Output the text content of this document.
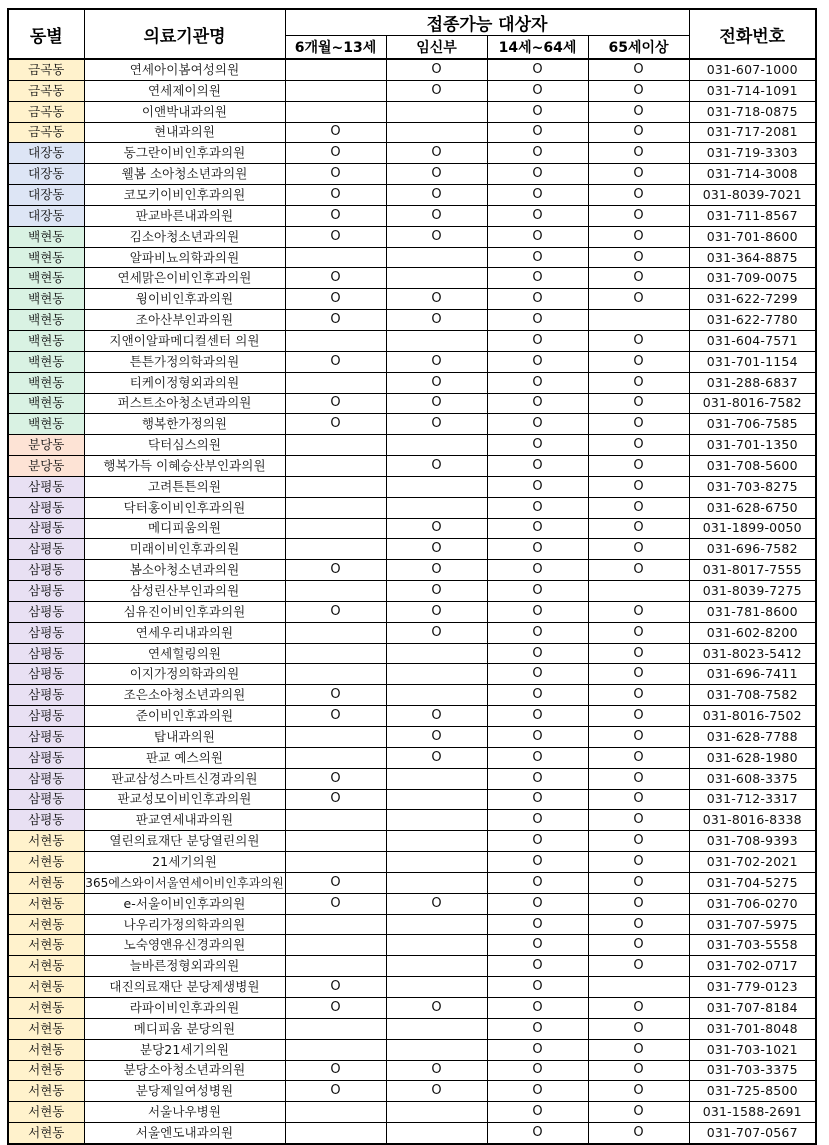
동별	의료기관명	접종가능 대상자				전화번호
		6개월~13세	임신부	14세~64세	65세이상	
금곡동	연세아이봄여성의원		O	O	O	031-607-1000
금곡동	연세제이의원		O	O	O	031-714-1091
금곡동	이앤박내과의원			O	O	031-718-0875
금곡동	현내과의원	O		O	O	031-717-2081
대장동	동그란이비인후과의원	O	O	O	O	031-719-3303
대장동	웰봄 소아청소년과의원	O	O	O	O	031-714-3008
대장동	코모키이비인후과의원	O	O	O	O	031-8039-7021
대장동	판교바른내과의원	O	O	O	O	031-711-8567
백현동	김소아청소년과의원	O	O	O	O	031-701-8600
백현동	알파비뇨의학과의원			O	O	031-364-8875
백현동	연세맑은이비인후과의원	O		O	O	031-709-0075
백현동	윙이비인후과의원	O	O	O	O	031-622-7299
백현동	조아산부인과의원	O	O	O		031-622-7780
백현동	지앤이알파메디컬센터 의원			O	O	031-604-7571
백현동	튼튼가정의학과의원	O	O	O	O	031-701-1154
백현동	티케이정형외과의원		O	O	O	031-288-6837
백현동	퍼스트소아청소년과의원	O	O	O	O	031-8016-7582
백현동	행복한가정의원	O	O	O	O	031-706-7585
분당동	닥터심스의원			O	O	031-701-1350
분당동	행복가득 이혜승산부인과의원		O	O	O	031-708-5600
삼평동	고려튼튼의원			O	O	031-703-8275
삼평동	닥터홍이비인후과의원			O	O	031-628-6750
삼평동	메디피움의원		O	O	O	031-1899-0050
삼평동	미래이비인후과의원		O	O	O	031-696-7582
삼평동	봄소아청소년과의원	O	O	O	O	031-8017-7555
삼평동	삼성린산부인과의원		O	O		031-8039-7275
삼평동	심유진이비인후과의원	O	O	O	O	031-781-8600
삼평동	연세우리내과의원		O	O	O	031-602-8200
삼평동	연세힐링의원			O	O	031-8023-5412
삼평동	이지가정의학과의원			O	O	031-696-7411
삼평동	조은소아청소년과의원	O		O	O	031-708-7582
삼평동	준이비인후과의원	O	O	O	O	031-8016-7502
삼평동	탑내과의원		O	O	O	031-628-7788
삼평동	판교 예스의원		O	O	O	031-628-1980
삼평동	판교삼성스마트신경과의원	O		O	O	031-608-3375
삼평동	판교성모이비인후과의원	O		O	O	031-712-3317
삼평동	판교연세내과의원			O	O	031-8016-8338
서현동	열린의료재단 분당열린의원			O	O	031-708-9393
서현동	21세기의원			O	O	031-702-2021
서현동	365에스와이서울연세이비인후과의원	O		O	O	031-704-5275
서현동	e-서울이비인후과의원	O	O	O	O	031-706-0270
서현동	나우리가정의학과의원			O	O	031-707-5975
서현동	노숙영앤유신경과의원			O	O	031-703-5558
서현동	늘바른정형외과의원			O	O	031-702-0717
서현동	대진의료재단 분당제생병원	O		O		031-779-0123
서현동	라파이비인후과의원	O	O	O	O	031-707-8184
서현동	메디피움 분당의원			O	O	031-701-8048
서현동	분당21세기의원			O	O	031-703-1021
서현동	분당소아청소년과의원	O	O	O	O	031-703-3375
서현동	분당제일여성병원	O	O	O	O	031-725-8500
서현동	서울나우병원			O	O	031-1588-2691
서현동	서울엔도내과의원			O	O	031-707-0567
